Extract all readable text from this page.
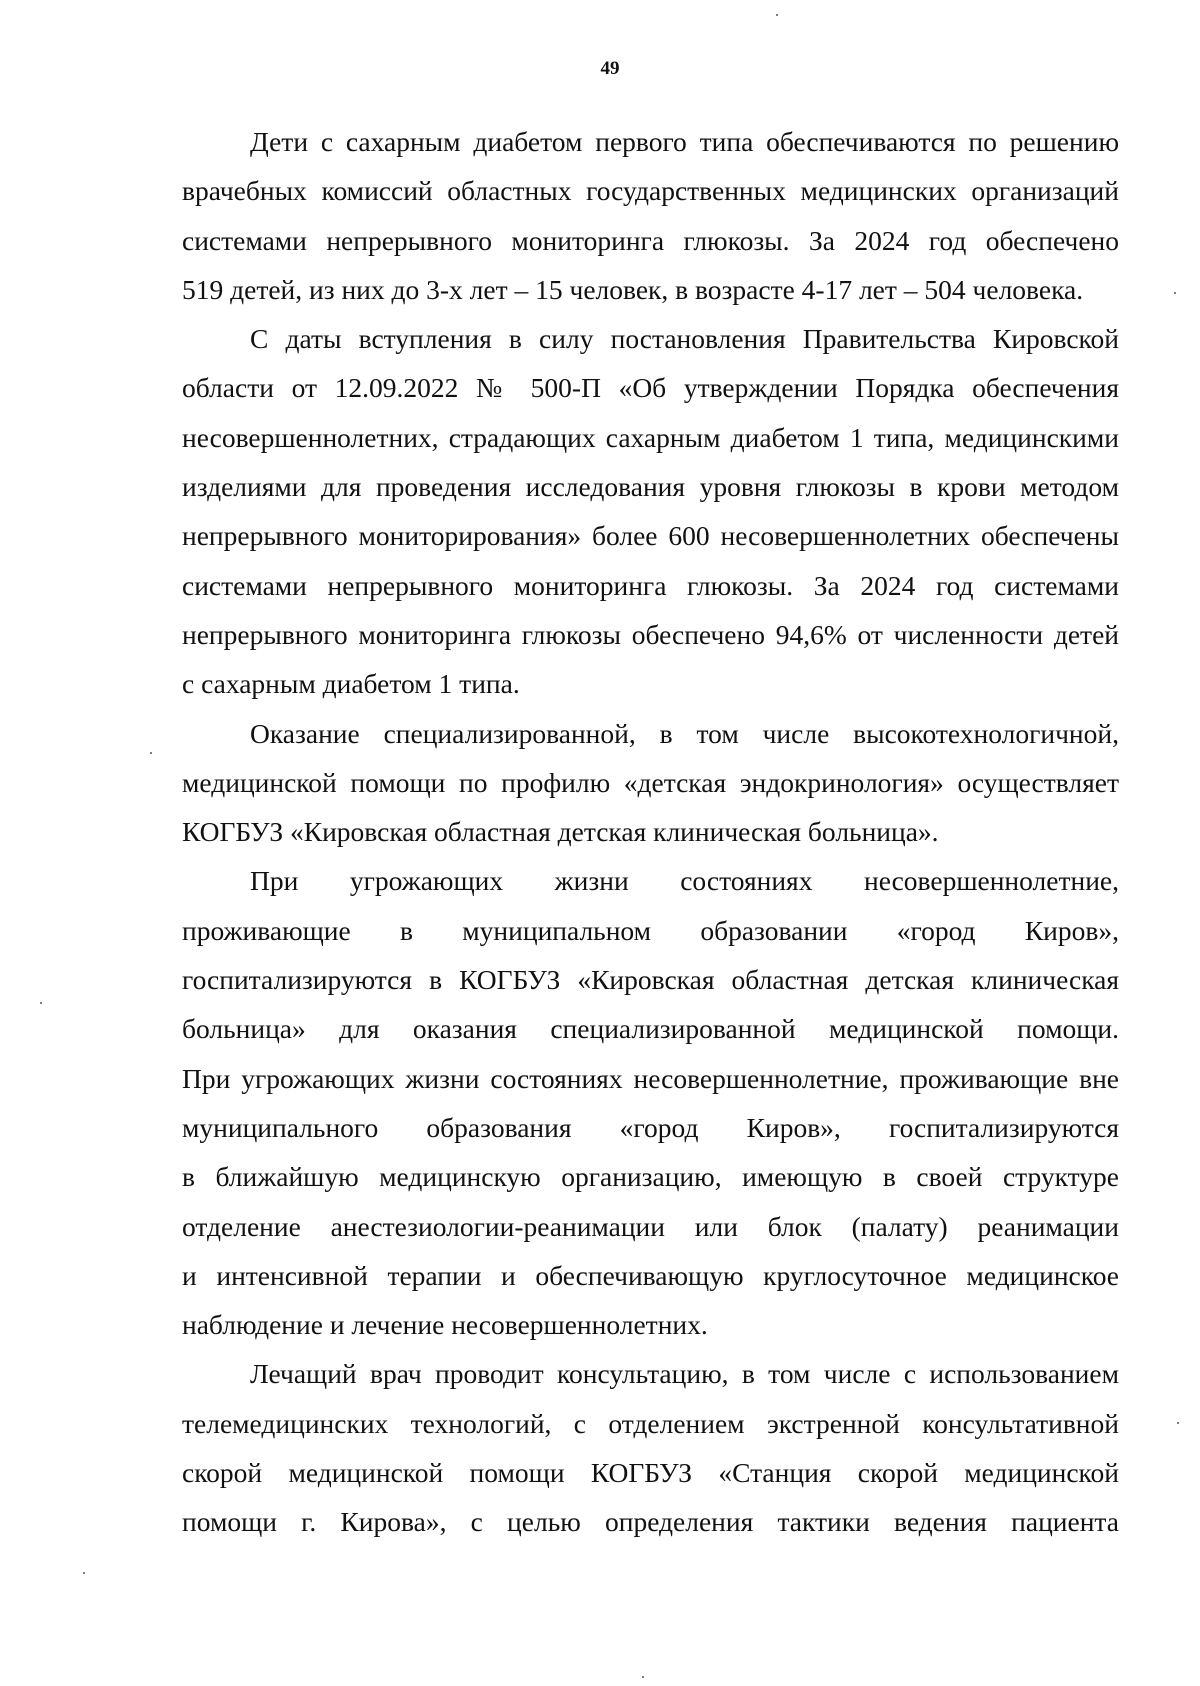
49
Дети с сахарным диабетом первого типа обеспечиваются по решению
врачебных комиссий областных государственных медицинских организаций
системами непрерывного мониторинга глюкозы. За 2024 год обеспечено
519 детей, из них до 3-х лет – 15 человек, в возрасте 4-17 лет – 504 человека.
С даты вступления в силу постановления Правительства Кировской
области от 12.09.2022 № 500-П «Об утверждении Порядка обеспечения
несовершеннолетних, страдающих сахарным диабетом 1 типа, медицинскими
изделиями для проведения исследования уровня глюкозы в крови методом
непрерывного мониторирования» более 600 несовершеннолетних обеспечены
системами непрерывного мониторинга глюкозы. За 2024 год системами
непрерывного мониторинга глюкозы обеспечено 94,6% от численности детей
с сахарным диабетом 1 типа.
Оказание специализированной, в том числе высокотехнологичной,
медицинской помощи по профилю «детская эндокринология» осуществляет
КОГБУЗ «Кировская областная детская клиническая больница».
При угрожающих жизни состояниях несовершеннолетние,
проживающие в муниципальном образовании «город Киров»,
госпитализируются в КОГБУЗ «Кировская областная детская клиническая
больница» для оказания специализированной медицинской помощи.
При угрожающих жизни состояниях несовершеннолетние, проживающие вне
муниципального образования «город Киров», госпитализируются
в ближайшую медицинскую организацию, имеющую в своей структуре
отделение анестезиологии-реанимации или блок (палату) реанимации
и интенсивной терапии и обеспечивающую круглосуточное медицинское
наблюдение и лечение несовершеннолетних.
Лечащий врач проводит консультацию, в том числе с использованием
телемедицинских технологий, с отделением экстренной консультативной
скорой медицинской помощи КОГБУЗ «Станция скорой медицинской
помощи г. Кирова», с целью определения тактики ведения пациента
